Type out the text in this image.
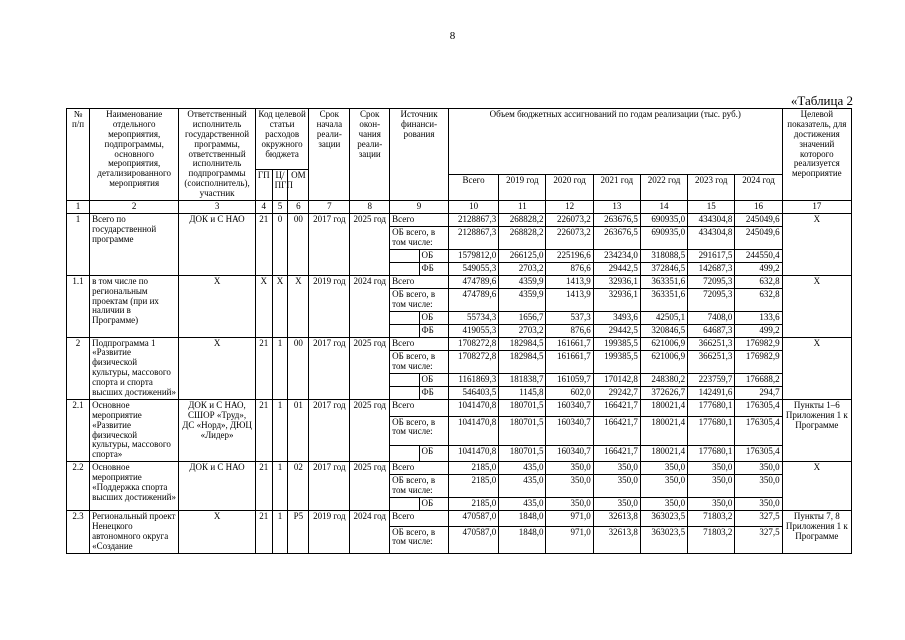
8
«Таблица 2
№ п/п	Наименование отдельного мероприятия, подпрограммы, основного мероприятия, детализированного мероприятия	Ответственный исполнитель государственной программы, ответственный исполнитель подпрограммы (соисполнитель), участник	Код целевой статьи расходов окружного бюджета			Срок начала реали-зации	Срок окон-чания реали-зации	Источник финанси-рования		Объем бюджетных ассигнований по годам реализации (тыс. руб.)							Целевой показатель, для достижения значений которого реализуется мероприятие
			ГП	Ц/ПГП	ОМ												
										Всего	2019 год	2020 год	2021 год	2022 год	2023 год	2024 год	
1	2	3	4	5	6	7	8	9		10	11	12	13	14	15	16	17
1	Всего по государственной программе	ДОК и С НАО	21	0	00	2017 год	2025 год	Всего		2128867,3	268828,2	226073,2	263676,5	690935,0	434304,8	245049,6	Х
								ОБ всего, в том числе:		2128867,3	268828,2	226073,2	263676,5	690935,0	434304,8	245049,6	
									ОБ	1579812,0	266125,0	225196,6	234234,0	318088,5	291617,5	244550,4	
									ФБ	549055,3	2703,2	876,6	29442,5	372846,5	142687,3	499,2	
1.1	в том числе по региональным проектам (при их наличии в Программе)	Х	Х	Х	Х	2019 год	2024 год	Всего		474789,6	4359,9	1413,9	32936,1	363351,6	72095,3	632,8	Х
								ОБ всего, в том числе:		474789,6	4359,9	1413,9	32936,1	363351,6	72095,3	632,8	
									ОБ	55734,3	1656,7	537,3	3493,6	42505,1	7408,0	133,6	
									ФБ	419055,3	2703,2	876,6	29442,5	320846,5	64687,3	499,2	
2	Подпрограмма 1 «Развитие физической культуры, массового спорта и спорта высших достижений»	Х	21	1	00	2017 год	2025 год	Всего		1708272,8	182984,5	161661,7	199385,5	621006,9	366251,3	176982,9	Х
								ОБ всего, в том числе:		1708272,8	182984,5	161661,7	199385,5	621006,9	366251,3	176982,9	
									ОБ	1161869,3	181838,7	161059,7	170142,8	248380,2	223759,7	176688,2	
									ФБ	546403,5	1145,8	602,0	29242,7	372626,7	142491,6	294,7	
2.1	Основное мероприятие «Развитие физической культуры, массового спорта»	ДОК и С НАО, СШОР «Труд», ДС «Норд», ДЮЦ «Лидер»	21	1	01	2017 год	2025 год	Всего		1041470,8	180701,5	160340,7	166421,7	180021,4	177680,1	176305,4	Пункты 1–6 Приложения 1 к Программе
								ОБ всего, в том числе:		1041470,8	180701,5	160340,7	166421,7	180021,4	177680,1	176305,4	
									ОБ	1041470,8	180701,5	160340,7	166421,7	180021,4	177680,1	176305,4	
2.2	Основное мероприятие «Поддержка спорта высших достижений»	ДОК и С НАО	21	1	02	2017 год	2025 год	Всего		2185,0	435,0	350,0	350,0	350,0	350,0	350,0	Х
								ОБ всего, в том числе:		2185,0	435,0	350,0	350,0	350,0	350,0	350,0	
									ОБ	2185,0	435,0	350,0	350,0	350,0	350,0	350,0	
2.3	Региональный проект Ненецкого автономного округа «Создание	Х	21	1	Р5	2019 год	2024 год	Всего		470587,0	1848,0	971,0	32613,8	363023,5	71803,2	327,5	Пункты 7, 8 Приложения 1 к Программе
								ОБ всего, в том числе:		470587,0	1848,0	971,0	32613,8	363023,5	71803,2	327,5	
